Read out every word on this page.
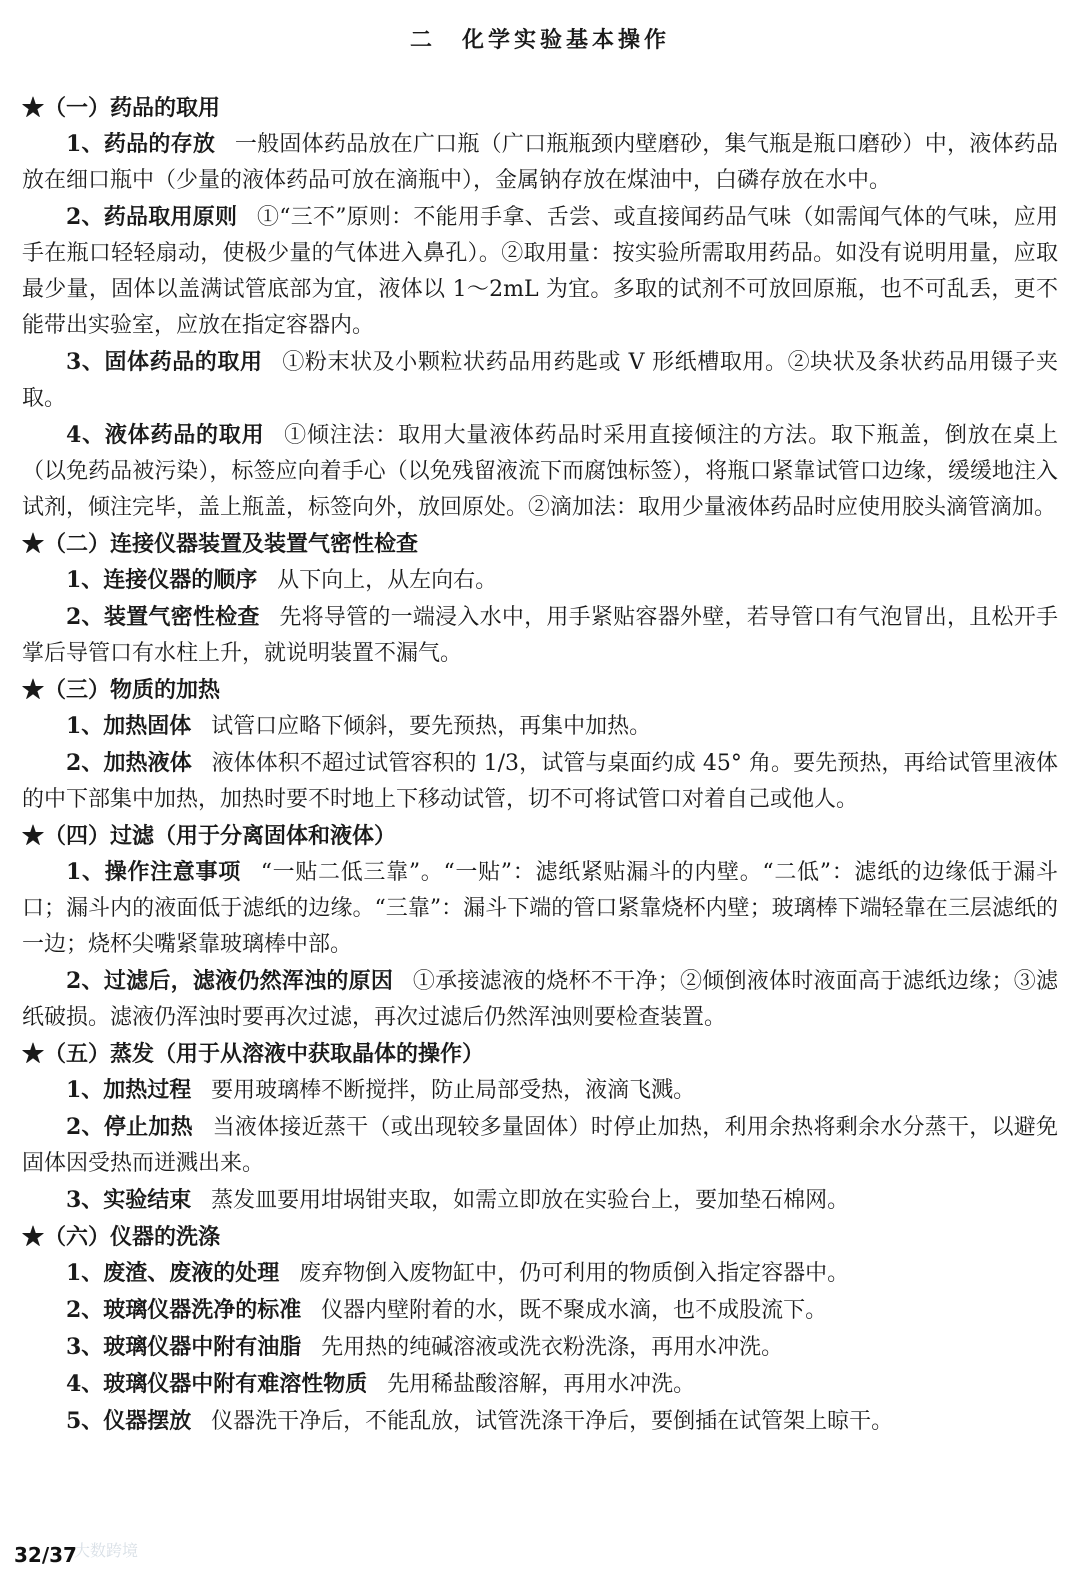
二　化学实验基本操作
★（一）药品的取用

1、药品的存放 一般固体药品放在广口瓶（广口瓶瓶颈内壁磨砂，集气瓶是瓶口磨砂）中，液体药品放在细口瓶中（少量的液体药品可放在滴瓶中），金属钠存放在煤油中，白磷存放在水中。

2、药品取用原则 ①“三不”原则：不能用手拿、舌尝、或直接闻药品气味（如需闻气体的气味，应用手在瓶口轻轻扇动，使极少量的气体进入鼻孔）。②取用量：按实验所需取用药品。如没有说明用量，应取最少量，固体以盖满试管底部为宜，液体以 1～2mL 为宜。多取的试剂不可放回原瓶，也不可乱丢，更不能带出实验室，应放在指定容器内。

3、固体药品的取用 ①粉末状及小颗粒状药品用药匙或 V 形纸槽取用。②块状及条状药品用镊子夹取。

4、液体药品的取用 ①倾注法：取用大量液体药品时采用直接倾注的方法。取下瓶盖，倒放在桌上（以免药品被污染），标签应向着手心（以免残留液流下而腐蚀标签），将瓶口紧靠试管口边缘，缓缓地注入试剂，倾注完毕，盖上瓶盖，标签向外，放回原处。②滴加法：取用少量液体药品时应使用胶头滴管滴加。

★（二）连接仪器装置及装置气密性检查

1、连接仪器的顺序 从下向上，从左向右。

2、装置气密性检查 先将导管的一端浸入水中，用手紧贴容器外壁，若导管口有气泡冒出，且松开手掌后导管口有水柱上升，就说明装置不漏气。

★（三）物质的加热

1、加热固体 试管口应略下倾斜，要先预热，再集中加热。

2、加热液体 液体体积不超过试管容积的 1/3，试管与桌面约成 45° 角。要先预热，再给试管里液体的中下部集中加热，加热时要不时地上下移动试管，切不可将试管口对着自己或他人。

★（四）过滤（用于分离固体和液体）

1、操作注意事项 “一贴二低三靠”。“一贴”：滤纸紧贴漏斗的内壁。“二低”：滤纸的边缘低于漏斗口；漏斗内的液面低于滤纸的边缘。“三靠”：漏斗下端的管口紧靠烧杯内壁；玻璃棒下端轻靠在三层滤纸的一边；烧杯尖嘴紧靠玻璃棒中部。

2、过滤后，滤液仍然浑浊的原因 ①承接滤液的烧杯不干净；②倾倒液体时液面高于滤纸边缘；③滤纸破损。滤液仍浑浊时要再次过滤，再次过滤后仍然浑浊则要检查装置。

★（五）蒸发（用于从溶液中获取晶体的操作）

1、加热过程 要用玻璃棒不断搅拌，防止局部受热，液滴飞溅。

2、停止加热 当液体接近蒸干（或出现较多量固体）时停止加热，利用余热将剩余水分蒸干，以避免固体因受热而迸溅出来。

3、实验结束 蒸发皿要用坩埚钳夹取，如需立即放在实验台上，要加垫石棉网。

★（六）仪器的洗涤

1、废渣、废液的处理 废弃物倒入废物缸中，仍可利用的物质倒入指定容器中。

2、玻璃仪器洗净的标准 仪器内壁附着的水，既不聚成水滴，也不成股流下。

3、玻璃仪器中附有油脂 先用热的纯碱溶液或洗衣粉洗涤，再用水冲洗。

4、玻璃仪器中附有难溶性物质 先用稀盐酸溶解，再用水冲洗。

5、仪器摆放 仪器洗干净后，不能乱放，试管洗涤干净后，要倒插在试管架上晾干。

32/37
大数跨境
